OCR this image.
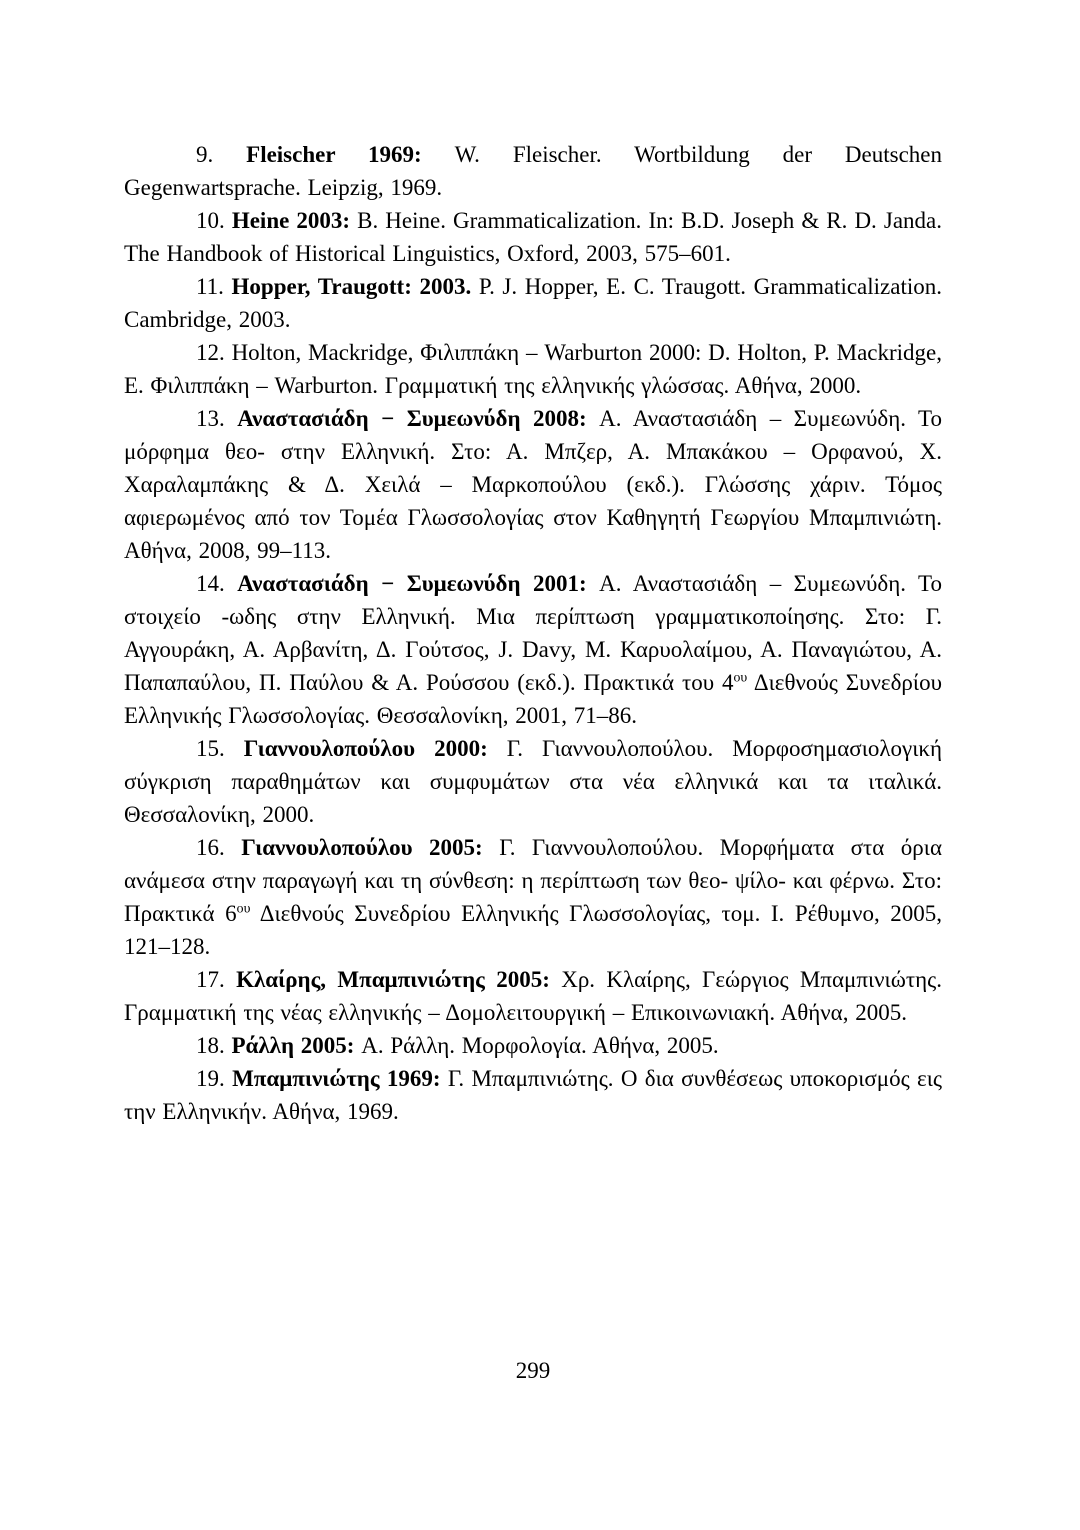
9. Fleischer 1969: W. Fleischer. Wortbildung der Deutschen Gegenwartsprache. Leipzig, 1969.

10. Heine 2003: B. Heine. Grammaticalization. In: B.D. Joseph & R. D. Janda. The Handbook of Historical Linguistics, Oxford, 2003, 575–601.

11. Hopper, Traugott: 2003. P. J. Hopper, E. C. Traugott. Grammaticalization. Cambridge, 2003.

12. Holton, Mackridge, Φιλιππάκη – Warburton 2000: D. Holton, P. Mackridge, E. Φιλιππάκη – Warburton. Γραμματική της ελληνικής γλώσσας. Αθήνα, 2000.

13. Αναστασιάδη − Συμεωνύδη 2008: Α. Αναστασιάδη – Συμεωνύδη. Το μόρφημα θεο- στην Ελληνική. Στο: Α. Μπζερ, Α. Μπακάκου – Ορφανού, Χ. Χαραλαμπάκης & Δ. Χειλά – Μαρκοπούλου (εκδ.). Γλώσσης χάριν. Τόμος αφιερωμένος από τον Τομέα Γλωσσολογίας στον Καθηγητή Γεωργίου Μπαμπινιώτη. Αθήνα, 2008, 99–113.

14. Αναστασιάδη − Συμεωνύδη 2001: Α. Αναστασιάδη – Συμεωνύδη. Το στοιχείο -ωδης στην Ελληνική. Μια περίπτωση γραμματικοποίησης. Στο: Γ. Αγγουράκη, Α. Αρβανίτη, Δ. Γούτσος, J. Davy, Μ. Καρυολαίμου, Α. Παναγιώτου, Α. Παπαπαύλου, Π. Παύλου & Α. Ρούσσου (εκδ.). Πρακτικά του $4^{o\upsilon}$ Διεθνούς Συνεδρίου Ελληνικής Γλωσσολογίας. Θεσσαλονίκη, 2001, 71–86.

15. Γιαννουλοπούλου 2000: Γ. Γιαννουλοπούλου. Μορφοσημασιολογική σύγκριση παραθημάτων και συμφυμάτων στα νέα ελληνικά και τα ιταλικά. Θεσσαλονίκη, 2000.

16. Γιαννουλοπούλου 2005: Γ. Γιαννουλοπούλου. Μορφήματα στα όρια ανάμεσα στην παραγωγή και τη σύνθεση: η περίπτωση των θεο- ψίλο- και φέρνω. Στο: Πρακτικά $6^{o\upsilon}$ Διεθνούς Συνεδρίου Ελληνικής Γλωσσολογίας, τομ. Ι. Ρέθυμνο, 2005, 121–128.

17. Κλαίρης, Μπαμπινιώτης 2005: Χρ. Κλαίρης, Γεώργιος Μπαμπινιώτης. Γραμματική της νέας ελληνικής – Δομολειτουργική – Επικοινωνιακή. Αθήνα, 2005.

18. Ράλλη 2005: Α. Ράλλη. Μορφολογία. Αθήνα, 2005.

19. Μπαμπινιώτης 1969: Γ. Μπαμπινιώτης. Ο δια συνθέσεως υποκορισμός εις την Ελληνικήν. Αθήνα, 1969.

299
